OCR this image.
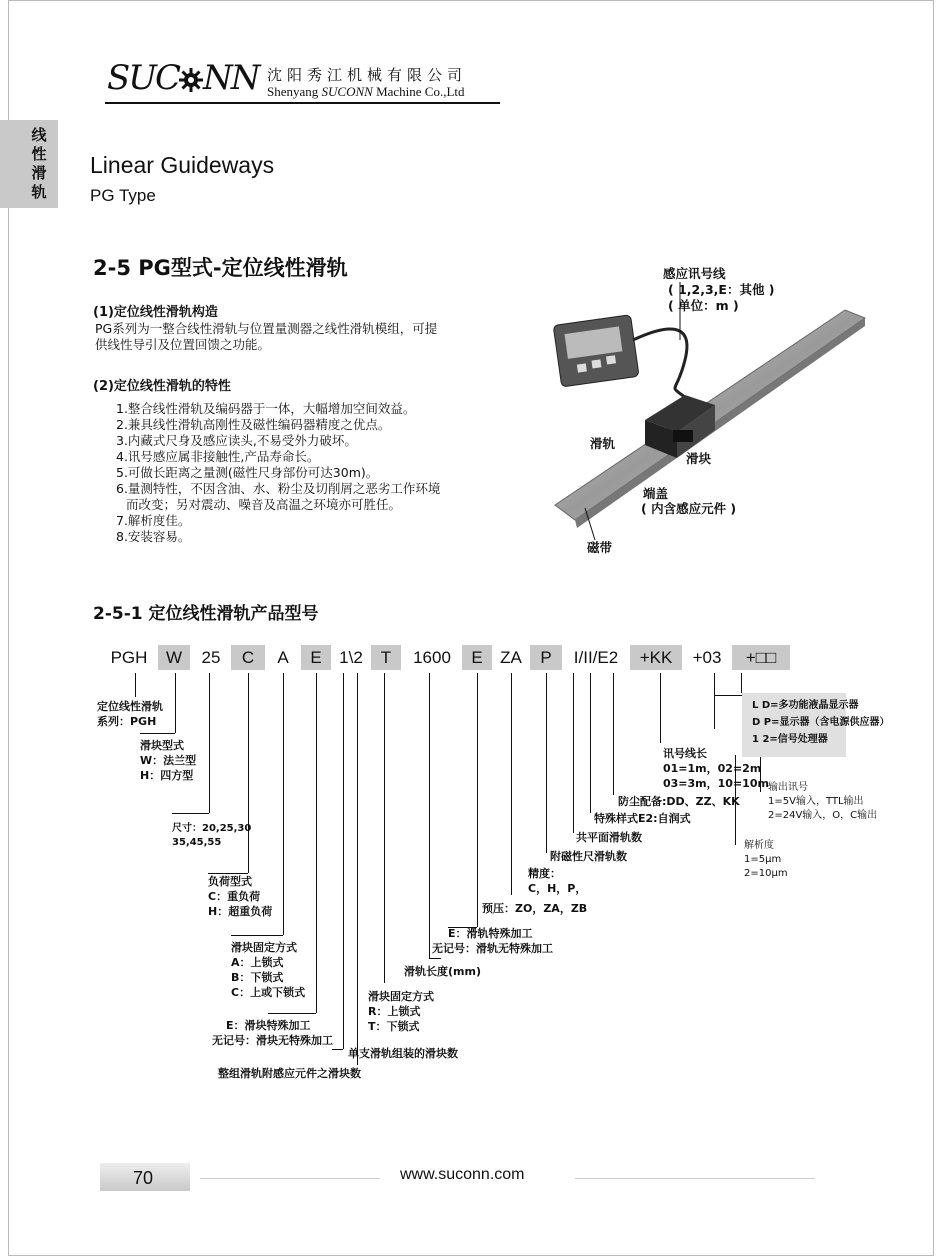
SUC NN 沈阳秀江机械有限公司
Shenyang SUCONN Machine Co.,Ltd
线性滑轨
Linear Guideways
PG Type
2-5 PG型式-定位线性滑轨
(1)定位线性滑轨构造
PG系列为一整合线性滑轨与位置量测器之线性滑轨模组，可提
供线性导引及位置回馈之功能。
(2)定位线性滑轨的特性
1.整合线性滑轨及编码器于一体，大幅增加空间效益。
2.兼具线性滑轨高刚性及磁性编码器精度之优点。
3.内藏式尺身及感应读头,不易受外力破坏。
4.讯号感应属非接触性,产品寿命长。
5.可做长距离之量测(磁性尺身部份可达30m)。
6.量测特性，不因含油、水、粉尘及切削屑之恶劣工作环境
而改变；另对震动、噪音及高温之环境亦可胜任。
7.解析度佳。
8.安装容易。
感应讯号线
( 1,2,3,E：其他 )
( 单位：m )
滑轨
滑块
端盖
( 内含感应元件 )
磁带
2-5-1 定位线性滑轨产品型号
PGH	W	25	C	A	E	1\2	T	1600	E	ZA	P	I/II/E2	+KK	+03	+□□
定位线性滑轨
系列：PGH
滑块型式
W：法兰型
H：四方型
尺寸：20,25,30
35,45,55
负荷型式
C：重负荷
H：超重负荷
滑块固定方式
A：上锁式
B：下锁式
C：上或下锁式
E：滑块特殊加工
无记号：滑块无特殊加工
单支滑轨组装的滑块数
整组滑轨附感应元件之滑块数
滑块固定方式
R：上锁式
T：下锁式
滑轨长度(mm)
E：滑轨特殊加工
无记号：滑轨无特殊加工
预压：ZO，ZA，ZB
精度：
C，H，P，
附磁性尺滑轨数
共平面滑轨数
特殊样式E2:自润式
防尘配备:DD、ZZ、KK
讯号线长
01=1m，02=2m
03=3m，10=10m
L D=多功能液晶显示器
D P=显示器（含电源供应器）
1 2=信号处理器
输出讯号
1=5V输入，TTL输出
2=24V输入，O，C输出
解析度
1=5μm
2=10μm
70	www.suconn.com
